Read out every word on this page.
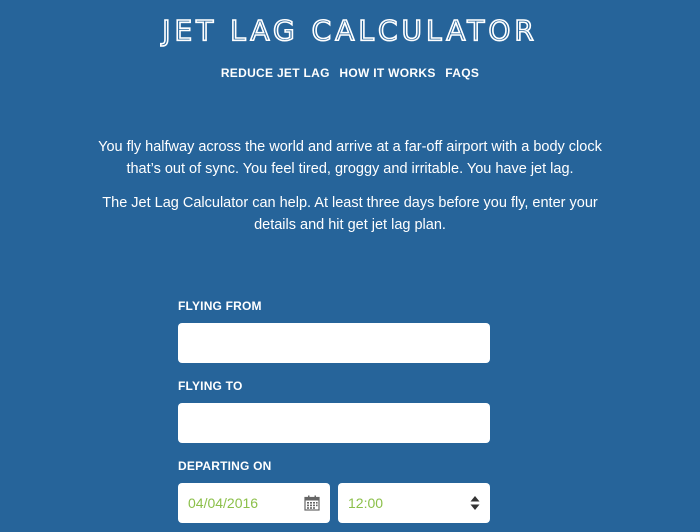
JET LAG CALCULATOR
REDUCE JET LAG HOW IT WORKS FAQS

You fly halfway across the world and arrive at a far-off airport with a body clock that’s out of sync. You feel tired, groggy and irritable. You have jet lag.

The Jet Lag Calculator can help. At least three days before you fly, enter your details and hit get jet lag plan.

FLYING FROM
FLYING TO
DEPARTING ON
04/04/2016	12:00
